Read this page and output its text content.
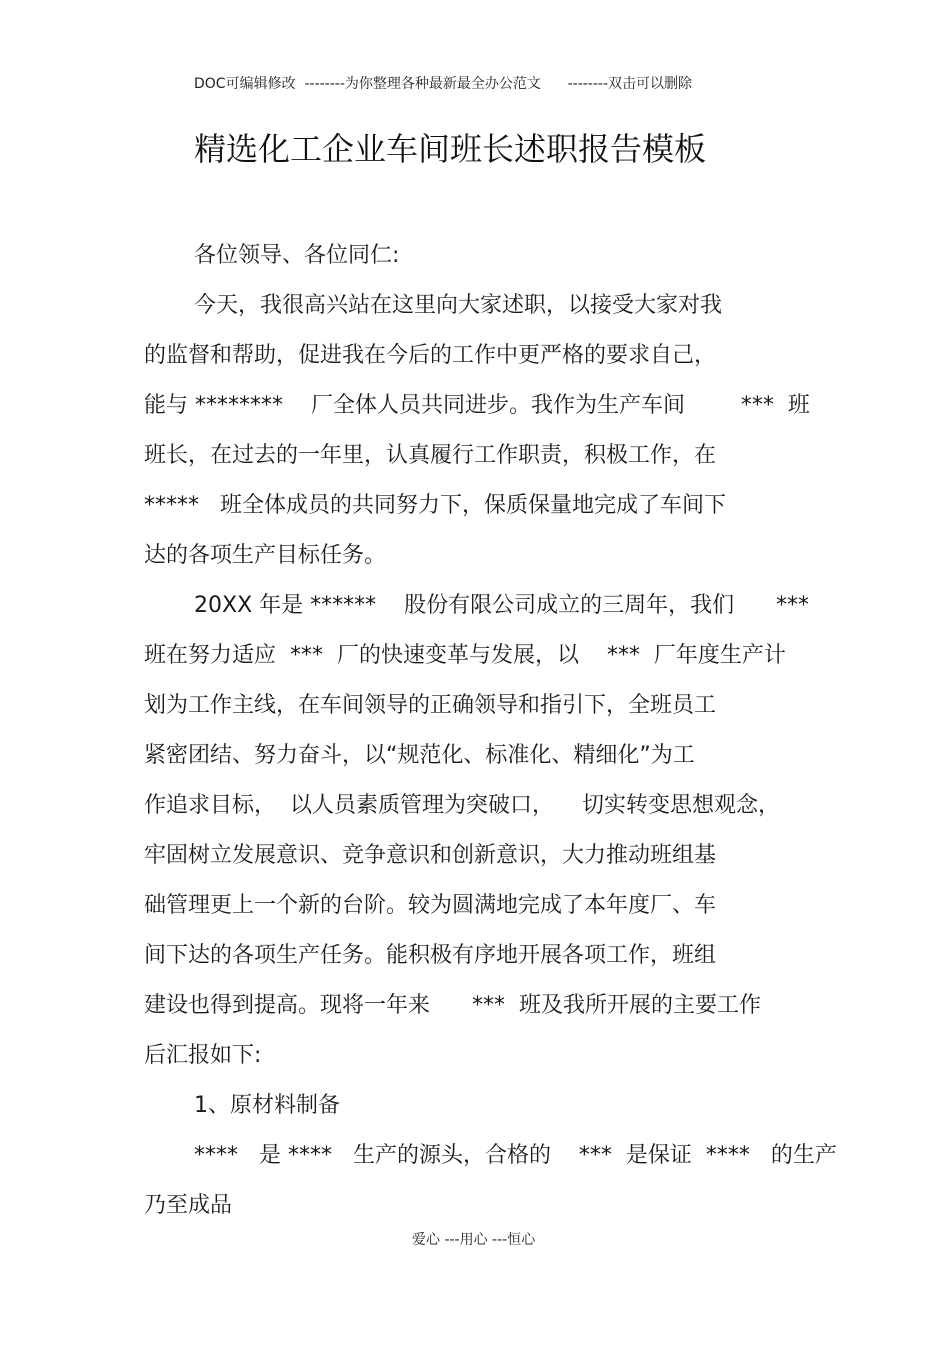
DOC可编辑修改  --------为你整理各种最新最全办公范文      --------双击可以删除
精选化工企业车间班长述职报告模板
各位领导、各位同仁:
今天，我很高兴站在这里向大家述职，以接受大家对我
的监督和帮助，促进我在今后的工作中更严格的要求自己，
能与 ********    厂全体人员共同进步。我作为生产车间        ***  班
班长，在过去的一年里，认真履行工作职责，积极工作，在
*****   班全体成员的共同努力下，保质保量地完成了车间下
达的各项生产目标任务。
20XX 年是 ******    股份有限公司成立的三周年，我们      ***
班在努力适应  ***  厂的快速变革与发展，以    ***  厂年度生产计
划为工作主线，在车间领导的正确领导和指引下，全班员工
紧密团结、努力奋斗，以“规范化、标准化、精细化”为工
作追求目标，  以人员素质管理为突破口，    切实转变思想观念，
牢固树立发展意识、竞争意识和创新意识，大力推动班组基
础管理更上一个新的台阶。较为圆满地完成了本年度厂、车
间下达的各项生产任务。能积极有序地开展各项工作，班组
建设也得到提高。现将一年来      ***  班及我所开展的主要工作
后汇报如下:
1、原材料制备
****   是 ****   生产的源头，合格的    ***  是保证  ****   的生产
乃至成品
爱心 ---用心 ---恒心
